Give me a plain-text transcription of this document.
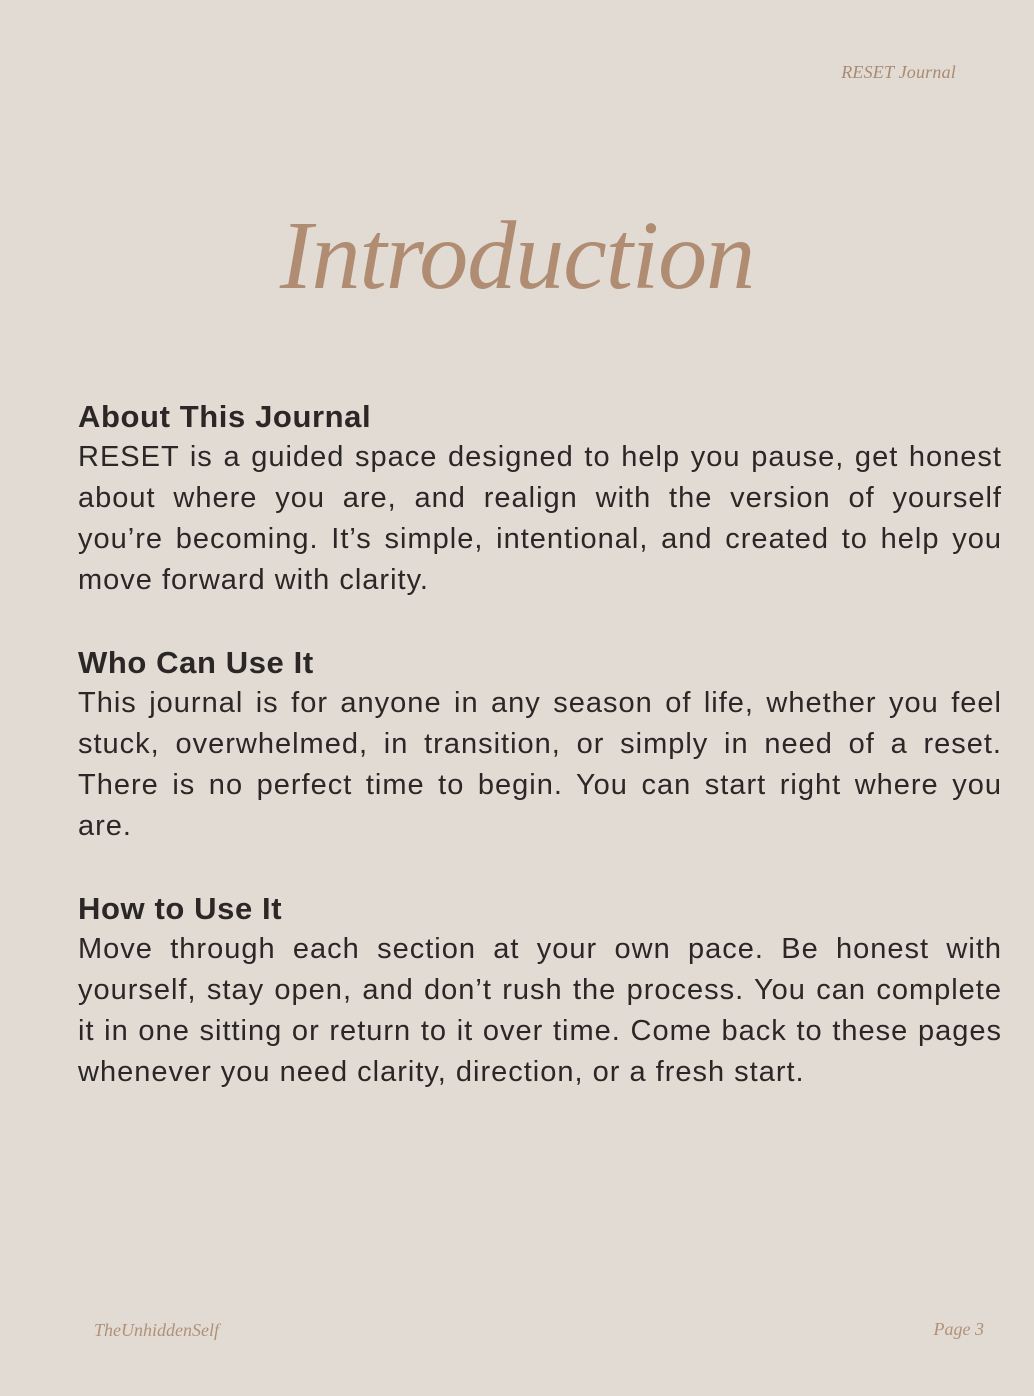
RESET Journal
Introduction
About This Journal
RESET is a guided space designed to help you pause, get honest about where you are, and realign with the version of yourself you’re becoming. It’s simple, intentional, and created to help you move forward with clarity.
Who Can Use It
This journal is for anyone in any season of life, whether you feel stuck, overwhelmed, in transition, or simply in need of a reset. There is no perfect time to begin. You can start right where you are.
How to Use It
Move through each section at your own pace. Be honest with yourself, stay open, and don’t rush the process. You can complete it in one sitting or return to it over time. Come back to these pages whenever you need clarity, direction, or a fresh start.
TheUnhiddenSelf	Page 3
